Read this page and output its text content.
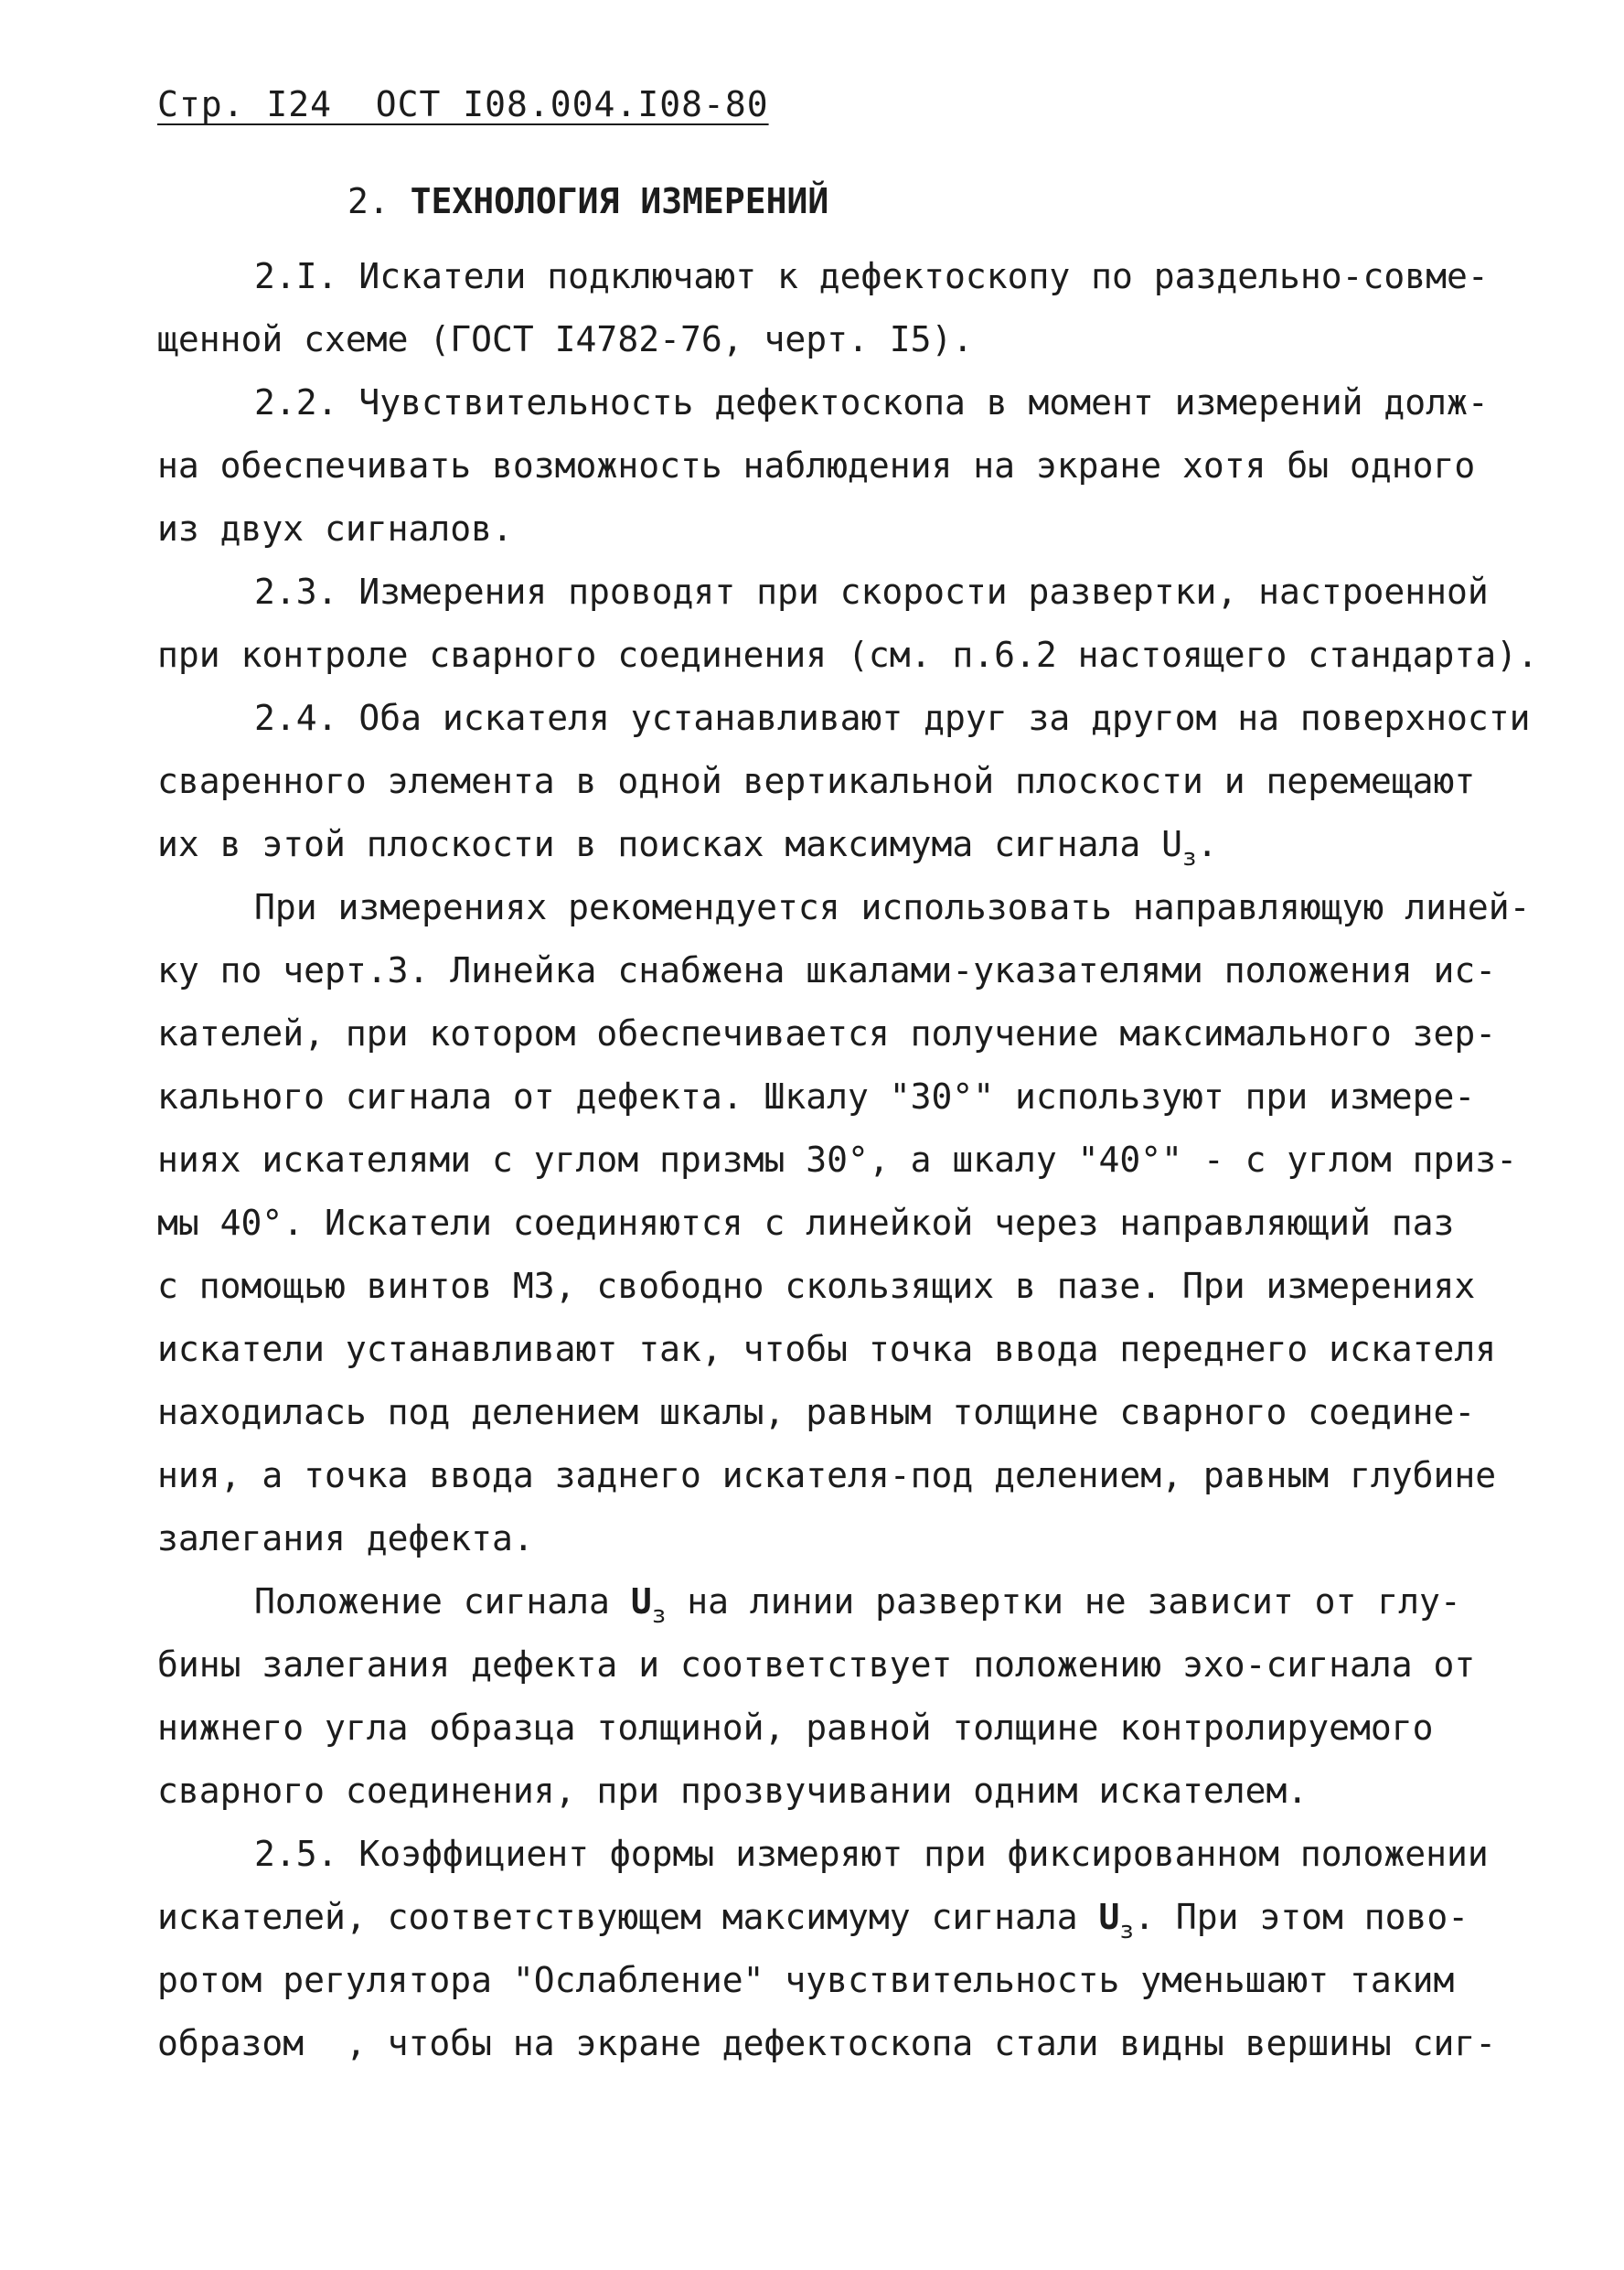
Стр. I24  ОСТ I08.004.I08-80
2. ТЕХНОЛОГИЯ ИЗМЕРЕНИЙ
2.I. Искатели подключают к дефектоскопу по раздельно-совме-
щенной схеме (ГОСТ I4782-76, черт. I5).
2.2. Чувствительность дефектоскопа в момент измерений долж-
на обеспечивать возможность наблюдения на экране хотя бы одного
из двух сигналов.
2.3. Измерения проводят при скорости развертки, настроенной
при контроле сварного соединения (см. п.6.2 настоящего стандарта).
2.4. Оба искателя устанавливают друг за другом на поверхности
сваренного элемента в одной вертикальной плоскости и перемещают
их в этой плоскости в поисках максимума сигнала $U_з$.
При измерениях рекомендуется использовать направляющую линей-
ку по черт.3. Линейка снабжена шкалами-указателями положения ис-
кателей, при котором обеспечивается получение максимального зер-
кального сигнала от дефекта. Шкалу "30°" используют при измере-
ниях искателями с углом призмы 30°, а шкалу "40°" - с углом приз-
мы 40°. Искатели соединяются с линейкой через направляющий паз
с помощью винтов М3, свободно скользящих в пазе. При измерениях
искатели устанавливают так, чтобы точка ввода переднего искателя
находилась под делением шкалы, равным толщине сварного соедине-
ния, а точка ввода заднего искателя-под делением, равным глубине
залегания дефекта.
Положение сигнала $U_з$ на линии развертки не зависит от глу-
бины залегания дефекта и соответствует положению эхо-сигнала от
нижнего угла образца толщиной, равной толщине контролируемого
сварного соединения, при прозвучивании одним искателем.
2.5. Коэффициент формы измеряют при фиксированном положении
искателей, соответствующем максимуму сигнала $U_з$. При этом пово-
ротом регулятора "Ослабление" чувствительность уменьшают таким
образом  , чтобы на экране дефектоскопа стали видны вершины сиг-
